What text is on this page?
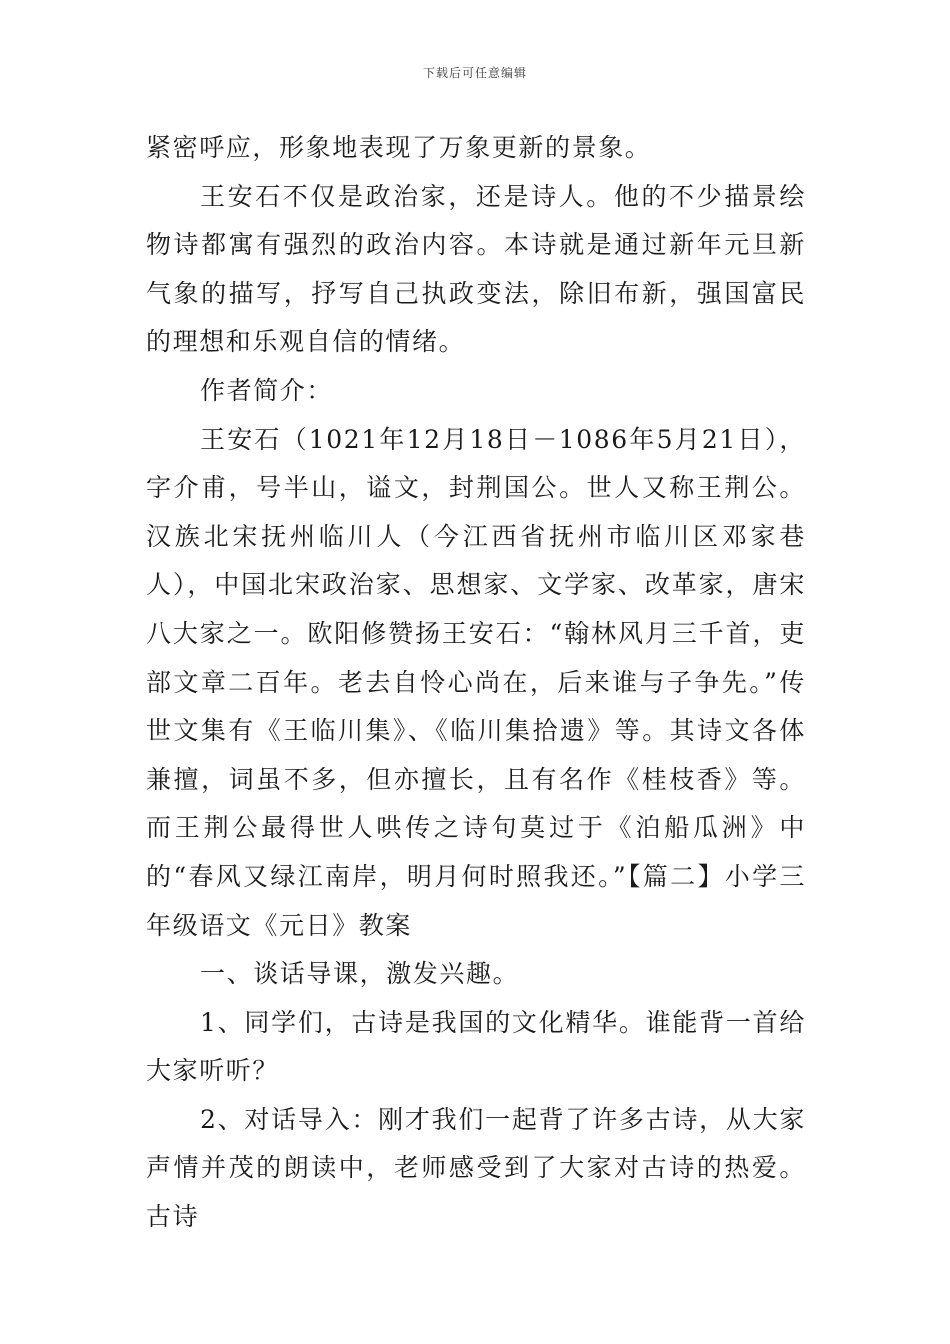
下载后可任意编辑

紧密呼应，形象地表现了万象更新的景象。

王安石不仅是政治家，还是诗人。他的不少描景绘物诗都寓有强烈的政治内容。本诗就是通过新年元旦新气象的描写，抒写自己执政变法，除旧布新，强国富民的理想和乐观自信的情绪。

作者简介：

王安石（1021年12月18日－1086年5月21日），字介甫，号半山，谥文，封荆国公。世人又称王荆公。汉族北宋抚州临川人（今江西省抚州市临川区邓家巷人），中国北宋政治家、思想家、文学家、改革家，唐宋八大家之一。欧阳修赞扬王安石：“翰林风月三千首，吏部文章二百年。老去自怜心尚在，后来谁与子争先。”传世文集有《王临川集》、《临川集拾遗》等。其诗文各体兼擅，词虽不多，但亦擅长，且有名作《桂枝香》等。而王荆公最得世人哄传之诗句莫过于《泊船瓜洲》中的“春风又绿江南岸，明月何时照我还。”【篇二】小学三年级语文《元日》教案

一、谈话导课，激发兴趣。

1、同学们，古诗是我国的文化精华。谁能背一首给大家听听？

2、对话导入：刚才我们一起背了许多古诗，从大家声情并茂的朗读中，老师感受到了大家对古诗的热爱。古诗
